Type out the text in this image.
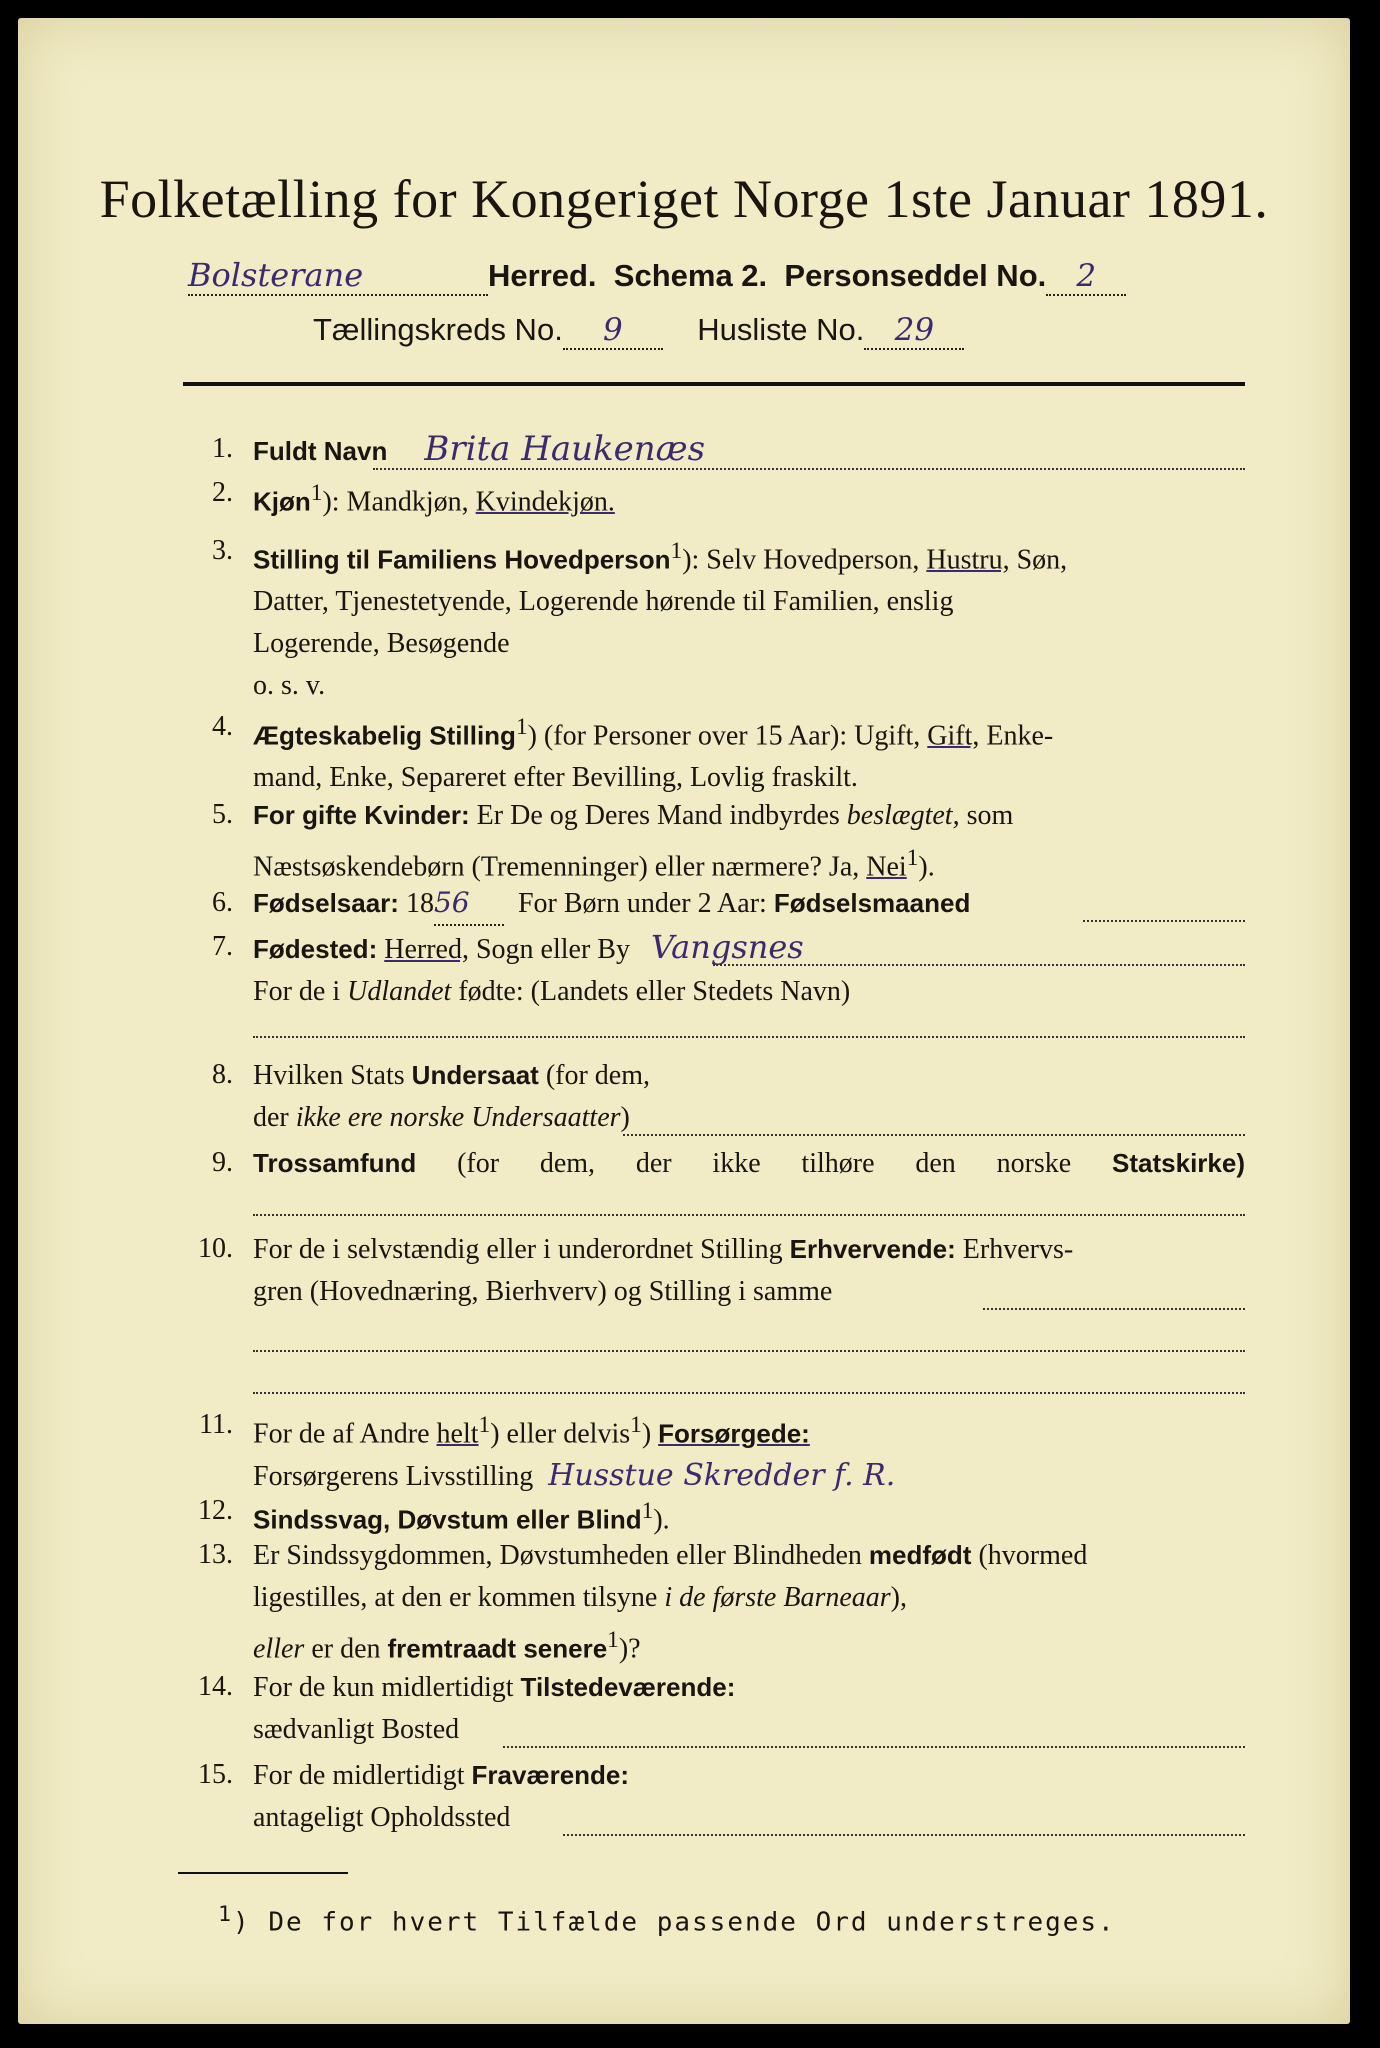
Folketælling for Kongeriget Norge 1ste Januar 1891.
Bolsterane	Herred. Schema 2. Personseddel No. 2
Tællingskreds No. 9 Husliste No. 29
1. Fuldt Navn Brita Haukenæs
2. Kjøn$^1$): Mandkjøn, Kvindekjøn.
3. Stilling til Familiens Hovedperson$^1$): Selv Hovedperson, Hustru, Søn,
Datter, Tjenestetyende, Logerende hørende til Familien, enslig
Logerende, Besøgende
o. s. v.
4. Ægteskabelig Stilling$^1$) (for Personer over 15 Aar): Ugift, Gift, Enke-
mand, Enke, Separeret efter Bevilling, Lovlig fraskilt.
5. For gifte Kvinder: Er De og Deres Mand indbyrdes beslægtet, som
Næstsøskendebørn (Tremenninger) eller nærmere? Ja, Nei$^1$).
6. Fødselsaar: 1856 For Børn under 2 Aar: Fødselsmaaned
7. Fødested: Herred, Sogn eller By Vangsnes
For de i Udlandet fødte: (Landets eller Stedets Navn)
8. Hvilken Stats Undersaat (for dem,
der ikke ere norske Undersaatter)
9. Trossamfund (for dem, der ikke tilhøre den norske Statskirke)
10. For de i selvstændig eller i underordnet Stilling Erhvervende: Erhvervs-
gren (Hovednæring, Bierhverv) og Stilling i samme
11. For de af Andre helt$^1$) eller delvis$^1$) Forsørgede:
Forsørgerens Livsstilling Husstue Skredder f. R.
12. Sindssvag, Døvstum eller Blind$^1$).
13. Er Sindssygdommen, Døvstumheden eller Blindheden medfødt (hvormed
ligestilles, at den er kommen tilsyne i de første Barneaar),
eller er den fremtraadt senere$^1$)?
14. For de kun midlertidigt Tilstedeværende:
sædvanligt Bosted
15. For de midlertidigt Fraværende:
antageligt Opholdssted
$^1$) De for hvert Tilfælde passende Ord understreges.
